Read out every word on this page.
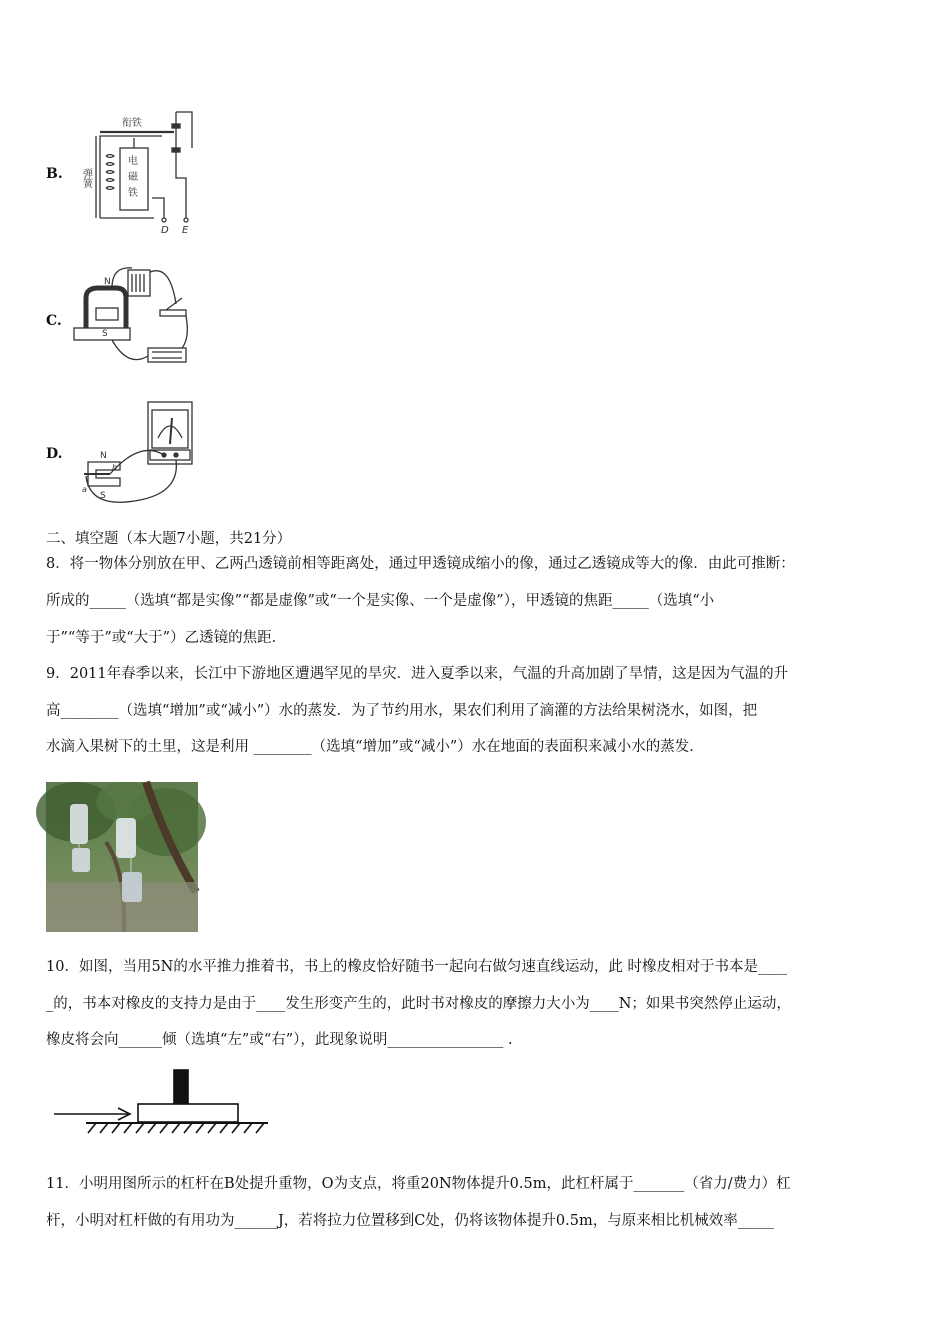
B.
衔铁
弹簧
电
磁
铁
D E
C.
N
S
D.	N
S
a
b
二、填空题（本大题7小题，共21分）
8．将一物体分别放在甲、乙两凸透镜前相等距离处，通过甲透镜成缩小的像，通过乙透镜成等大的像．由此可推断：
所成的_____（选填“都是实像”“都是虚像”或“一个是实像、一个是虚像”），甲透镜的焦距_____（选填“小
于”“等于”或“大于”）乙透镜的焦距．
9．2011年春季以来，长江中下游地区遭遇罕见的旱灾．进入夏季以来，气温的升高加剧了旱情，这是因为气温的升
高________（选填“增加”或“减小”）水的蒸发．为了节约用水，果农们利用了滴灌的方法给果树浇水，如图，把
水滴入果树下的土里，这是利用 ________（选填“增加”或“减小”）水在地面的表面积来减小水的蒸发．
10．如图，当用5N的水平推力推着书，书上的橡皮恰好随书一起向右做匀速直线运动，此 时橡皮相对于书本是____
_的，书本对橡皮的支持力是由于____发生形变产生的，此时书对橡皮的摩擦力大小为____N；如果书突然停止运动，
橡皮将会向______倾（选填“左”或“右”），此现象说明________________ .
11．小明用图所示的杠杆在B处提升重物，O为支点，将重20N物体提升0.5m，此杠杆属于_______（省力/费力）杠
杆，小明对杠杆做的有用功为______J，若将拉力位置移到C处，仍将该物体提升0.5m，与原来相比机械效率_____
